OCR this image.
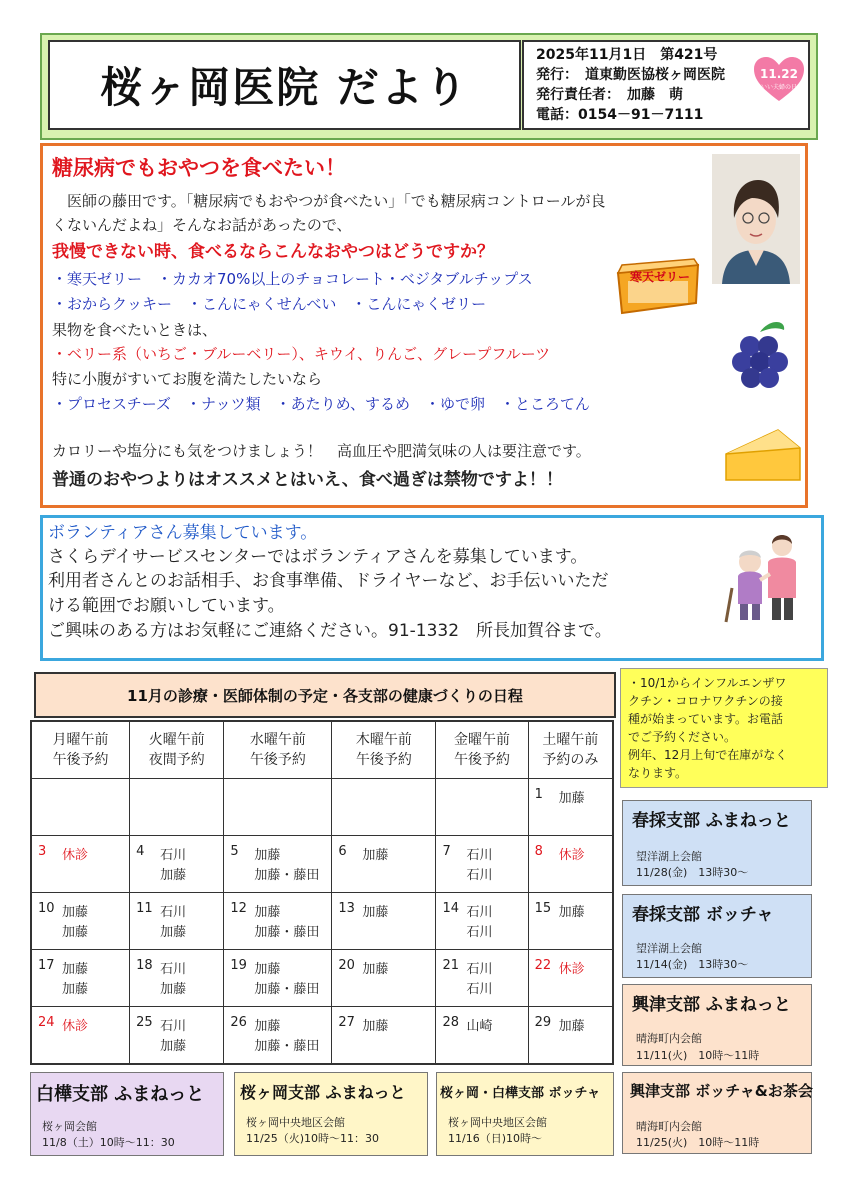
桜ヶ岡医院 だより
2025年11月1日　第421号
発行：　道東勤医協桜ヶ岡医院
発行責任者：　加藤　萌
電話：0154－91－7111
11.22
いい夫婦の日
糖尿病でもおやつを食べたい！
　医師の藤田です。「糖尿病でもおやつが食べたい」「でも糖尿病コントロールが良
くないんだよね」そんなお話があったので、
我慢できない時、食べるならこんなおやつはどうですか？
・寒天ゼリー　・カカオ70%以上のチョコレート・ベジタブルチップス
・おからクッキー　・こんにゃくせんべい　・こんにゃくゼリー
果物を食べたいときは、
・ベリー系（いちご・ブルーベリー）、キウイ、りんご、グレープフルーツ
特に小腹がすいてお腹を満たしたいなら
・プロセスチーズ　・ナッツ類　・あたりめ、するめ　・ゆで卵　・ところてん
カロリーや塩分にも気をつけましょう！　高血圧や肥満気味の人は要注意です。
普通のおやつよりはオススメとはいえ、食べ過ぎは禁物ですよ！！
寒天ゼリー
ボランティアさん募集しています。
さくらデイサービスセンターではボランティアさんを募集しています。
利用者さんとのお話相手、お食事準備、ドライヤーなど、お手伝いいただ
ける範囲でお願いしています。
ご興味のある方はお気軽にご連絡ください。91-1332　所長加賀谷まで。
11月の診療・医師体制の予定・各支部の健康づくりの日程
月曜午前
午後予約	火曜午前
夜間予約	水曜午前
午後予約	木曜午前
午後予約	金曜午前
午後予約	土曜午前
予約のみ

					1 加藤

3 休診	4 石川
加藤	5 加藤
加藤・藤田	6 加藤	7 石川
石川	8 休診

10 加藤
加藤	11 石川
加藤	12 加藤
加藤・藤田	13 加藤	14 石川
石川	15 加藤

17 加藤
加藤	18 石川
加藤	19 加藤
加藤・藤田	20 加藤	21 石川
石川	22 休診

24 休診	25 石川
加藤	26 加藤
加藤・藤田	27 加藤	28 山崎	29 加藤
・10/1からインフルエンザワ
クチン・コロナワクチンの接
種が始まっています。お電話
でご予約ください。
例年、12月上旬で在庫がなく
なります。
春採支部 ふまねっと
望洋湖上会館
11/28(金)　13時30～
春採支部 ボッチャ
望洋湖上会館
11/14(金)　13時30～
興津支部 ふまねっと
晴海町内会館
11/11(火)　10時～11時
興津支部 ボッチャ&お茶会
晴海町内会館
11/25(火)　10時～11時
白樺支部 ふまねっと
桜ヶ岡会館
11/8（土）10時～11：30
桜ヶ岡支部 ふまねっと
桜ヶ岡中央地区会館
11/25（火)10時～11：30
桜ヶ岡・白樺支部 ボッチャ
桜ヶ岡中央地区会館
11/16（日)10時～
